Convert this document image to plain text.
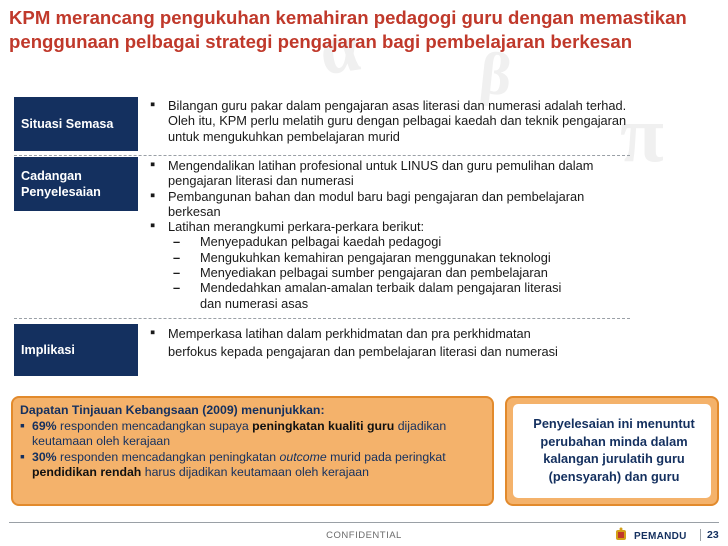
α β
π
KPM merancang pengukuhan kemahiran pedagogi guru dengan memastikan penggunaan pelbagai strategi pengajaran bagi pembelajaran berkesan
Situasi Semasa
▪ Bilangan guru pakar dalam pengajaran asas literasi dan numerasi adalah terhad. Oleh itu, KPM perlu melatih guru dengan pelbagai kaedah dan teknik pengajaran untuk mengukuhkan pembelajaran murid
Cadangan Penyelesaian
▪ Mengendalikan latihan profesional untuk LINUS dan guru pemulihan dalam pengajaran literasi dan numerasi
▪ Pembangunan bahan dan modul baru bagi pengajaran dan pembelajaran berkesan
▪ Latihan merangkumi perkara-perkara berikut:
– Menyepadukan pelbagai kaedah pedagogi
– Mengukuhkan kemahiran pengajaran menggunakan teknologi
– Menyediakan pelbagai sumber pengajaran dan pembelajaran
– Mendedahkan amalan-amalan terbaik dalam pengajaran literasi dan numerasi asas
Implikasi
▪ Memperkasa latihan dalam perkhidmatan dan pra perkhidmatan berfokus kepada pengajaran dan pembelajaran literasi dan numerasi
Dapatan Tinjauan Kebangsaan (2009) menunjukkan:
▪ 69% responden mencadangkan supaya peningkatan kualiti guru dijadikan keutamaan oleh kerajaan
▪ 30% responden mencadangkan peningkatan outcome murid pada peringkat pendidikan rendah harus dijadikan keutamaan oleh kerajaan
Penyelesaian ini menuntut perubahan minda dalam kalangan jurulatih guru (pensyarah) dan guru
CONFIDENTIAL	PEMANDU	23
